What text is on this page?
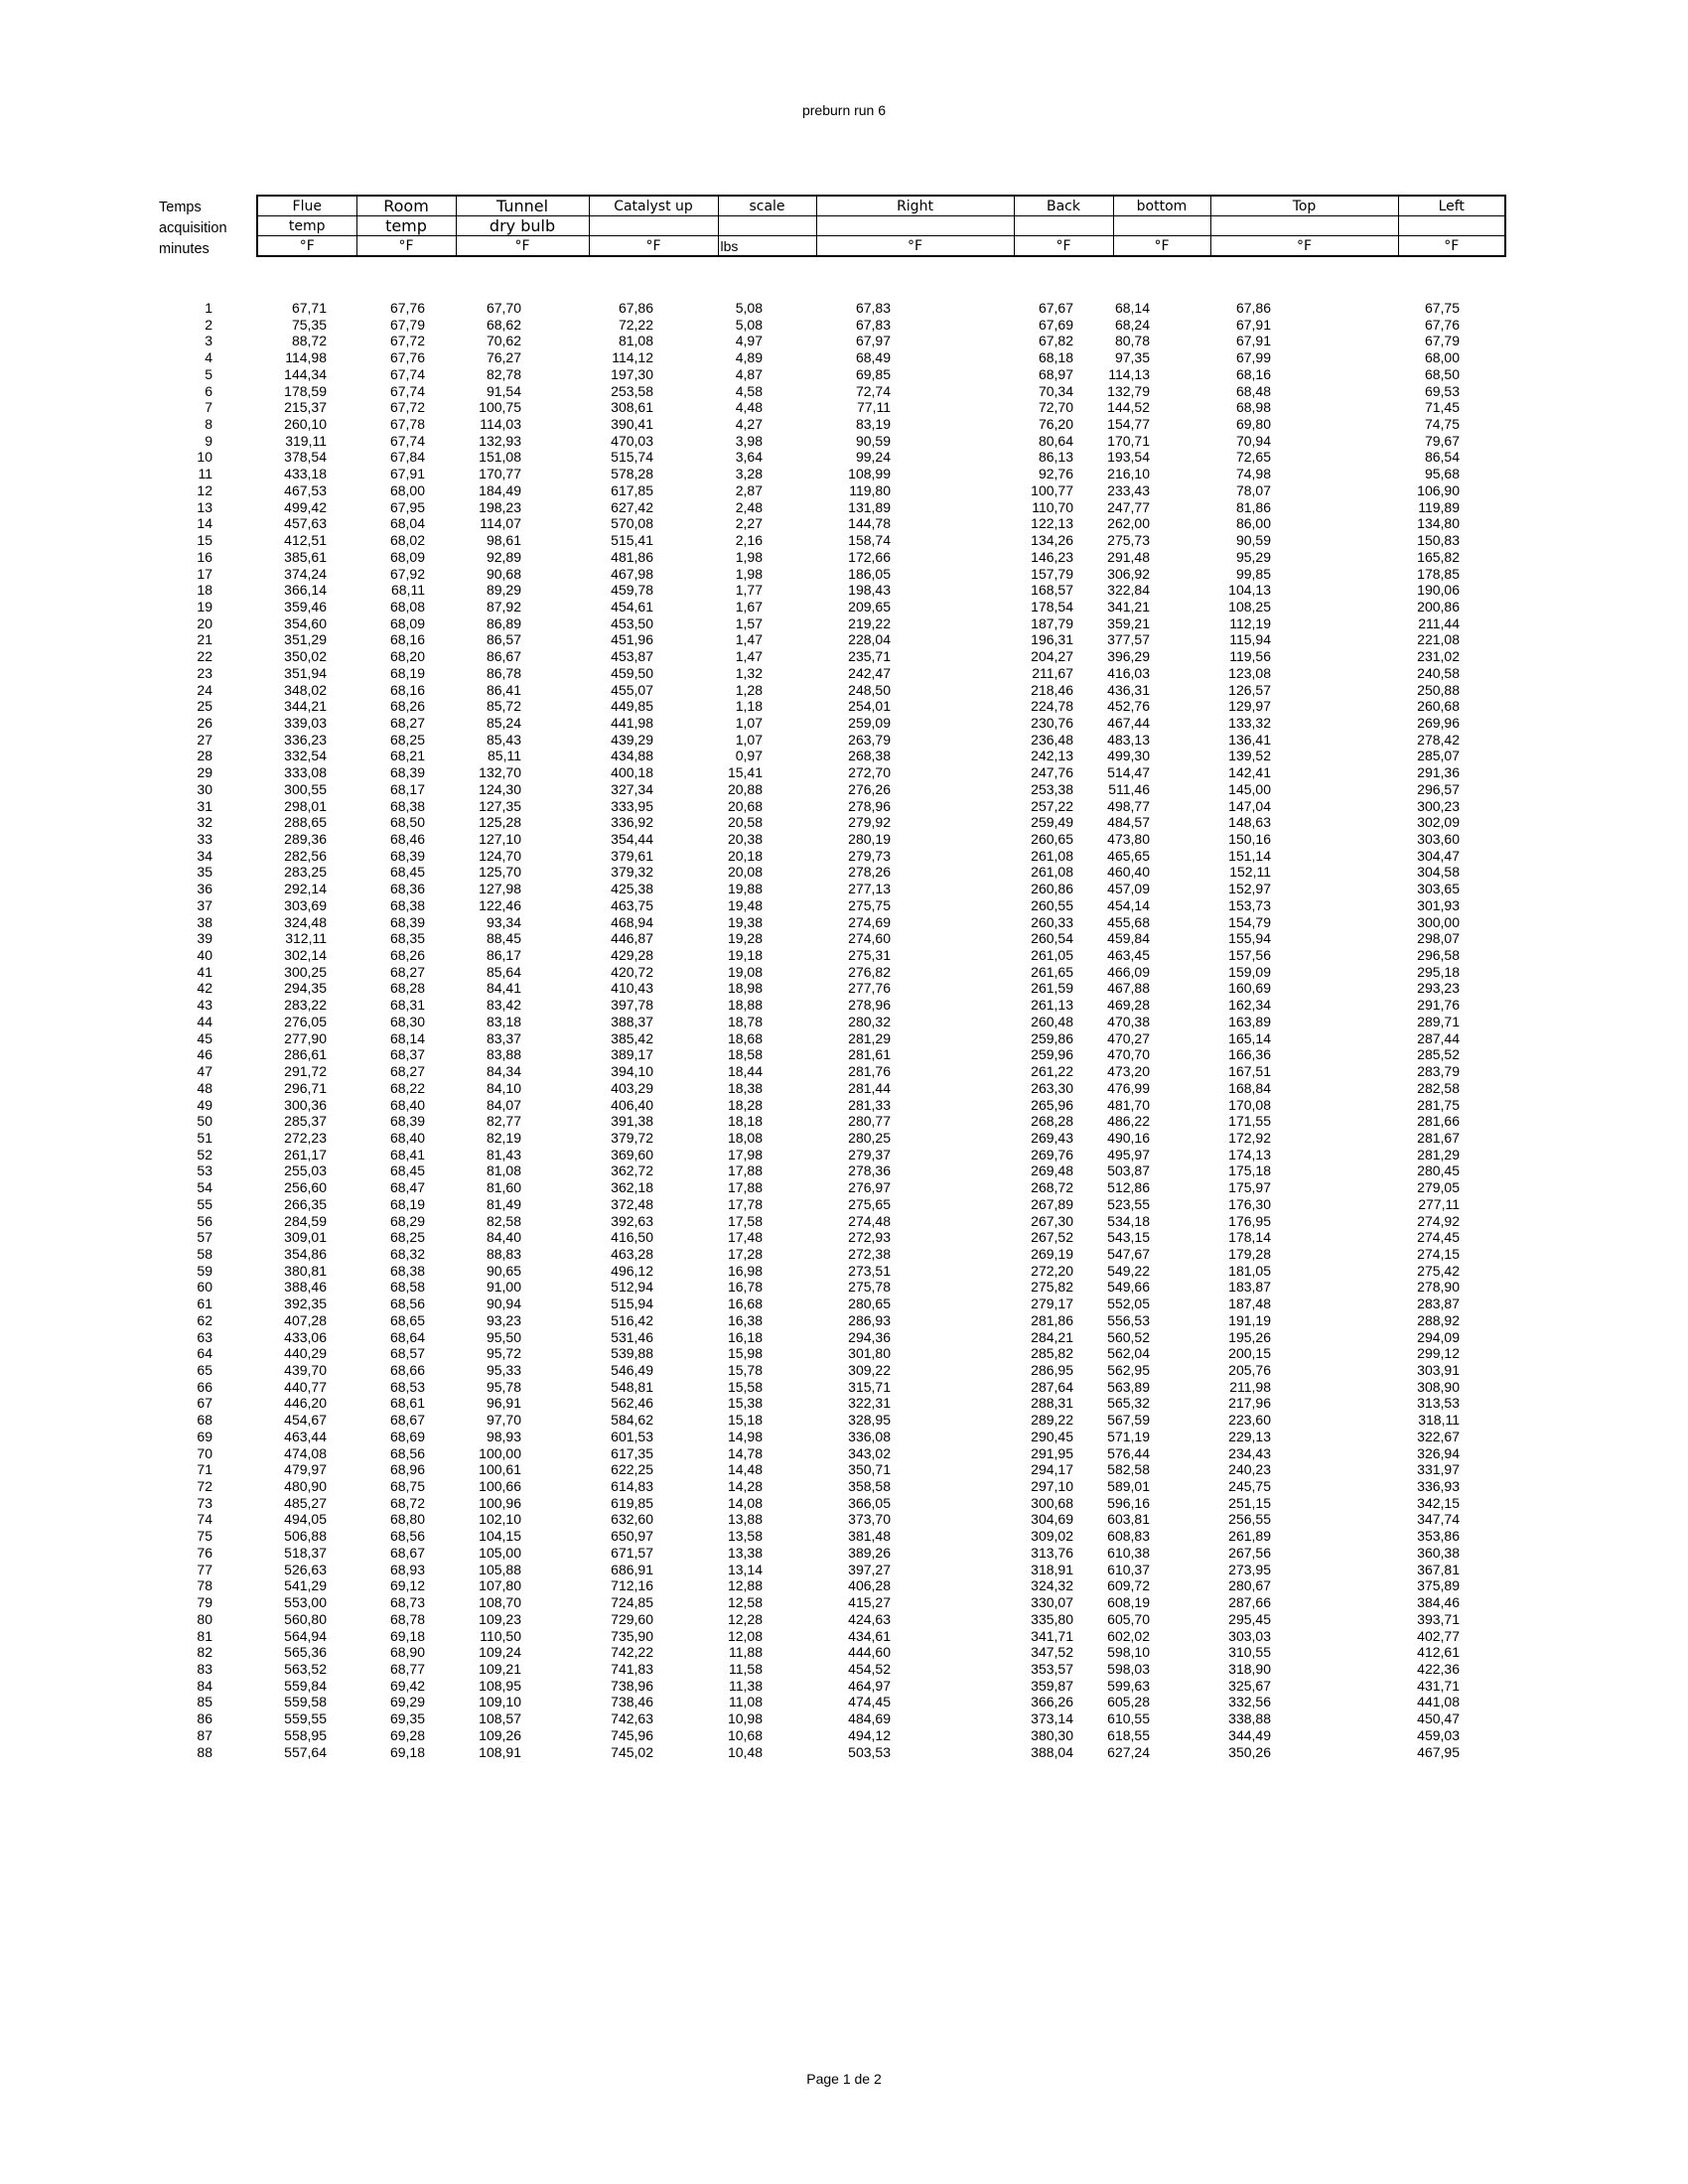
preburn run 6
Temps
acquisition
minutes
Flue	Room	Tunnel	Catalyst up	scale	Right	Back	bottom	Top	Left
temp	temp	dry bulb							
°F	°F	°F	°F	lbs	°F	°F	°F	°F	°F
1	67,71	67,76	67,70	67,86	5,08	67,83	67,67	68,14	67,86	67,75
2	75,35	67,79	68,62	72,22	5,08	67,83	67,69	68,24	67,91	67,76
3	88,72	67,72	70,62	81,08	4,97	67,97	67,82	80,78	67,91	67,79
4	114,98	67,76	76,27	114,12	4,89	68,49	68,18	97,35	67,99	68,00
5	144,34	67,74	82,78	197,30	4,87	69,85	68,97	114,13	68,16	68,50
6	178,59	67,74	91,54	253,58	4,58	72,74	70,34 132,79	68,48	69,53
7	215,37	67,72	100,75	308,61	4,48	77,11	72,70 144,52	68,98	71,45
8	260,10	67,78	114,03	390,41	4,27	83,19	76,20 154,77	69,80	74,75
9	319,11	67,74	132,93	470,03	3,98	90,59	80,64 170,71	70,94	79,67
10	378,54	67,84	151,08	515,74	3,64	99,24	86,13 193,54	72,65	86,54
11	433,18	67,91	170,77	578,28	3,28	108,99	92,76 216,10	74,98	95,68
12	467,53	68,00	184,49	617,85	2,87	119,80	100,77 233,43	78,07	106,90
13	499,42	67,95	198,23	627,42	2,48	131,89	110,70 247,77	81,86	119,89
14	457,63	68,04	114,07	570,08	2,27	144,78	122,13 262,00	86,00	134,80
15	412,51	68,02	98,61	515,41	2,16	158,74	134,26 275,73	90,59	150,83
16	385,61	68,09	92,89	481,86	1,98	172,66	146,23 291,48	95,29	165,82
17	374,24	67,92	90,68	467,98	1,98	186,05	157,79 306,92	99,85	178,85
18	366,14	68,11	89,29	459,78	1,77	198,43	168,57 322,84	104,13	190,06
19	359,46	68,08	87,92	454,61	1,67	209,65	178,54 341,21	108,25	200,86
20	354,60	68,09	86,89	453,50	1,57	219,22	187,79 359,21	112,19	211,44
21	351,29	68,16	86,57	451,96	1,47	228,04	196,31 377,57	115,94	221,08
22	350,02	68,20	86,67	453,87	1,47	235,71	204,27 396,29	119,56	231,02
23	351,94	68,19	86,78	459,50	1,32	242,47	211,67 416,03	123,08	240,58
24	348,02	68,16	86,41	455,07	1,28	248,50	218,46 436,31	126,57	250,88
25	344,21	68,26	85,72	449,85	1,18	254,01	224,78 452,76	129,97	260,68
26	339,03	68,27	85,24	441,98	1,07	259,09	230,76 467,44	133,32	269,96
27	336,23	68,25	85,43	439,29	1,07	263,79	236,48 483,13	136,41	278,42
28	332,54	68,21	85,11	434,88	0,97	268,38	242,13 499,30	139,52	285,07
29	333,08	68,39	132,70	400,18	15,41	272,70	247,76 514,47	142,41	291,36
30	300,55	68,17	124,30	327,34	20,88	276,26	253,38	511,46	145,00	296,57
31	298,01	68,38	127,35	333,95	20,68	278,96	257,22 498,77	147,04	300,23
32	288,65	68,50	125,28	336,92	20,58	279,92	259,49 484,57	148,63	302,09
33	289,36	68,46	127,10	354,44	20,38	280,19	260,65 473,80	150,16	303,60
34	282,56	68,39	124,70	379,61	20,18	279,73	261,08 465,65	151,14	304,47
35	283,25	68,45	125,70	379,32	20,08	278,26	261,08 460,40	152,11	304,58
36	292,14	68,36	127,98	425,38	19,88	277,13	260,86 457,09	152,97	303,65
37	303,69	68,38	122,46	463,75	19,48	275,75	260,55 454,14	153,73	301,93
38	324,48	68,39	93,34	468,94	19,38	274,69	260,33 455,68	154,79	300,00
39	312,11	68,35	88,45	446,87	19,28	274,60	260,54 459,84	155,94	298,07
40	302,14	68,26	86,17	429,28	19,18	275,31	261,05 463,45	157,56	296,58
41	300,25	68,27	85,64	420,72	19,08	276,82	261,65 466,09	159,09	295,18
42	294,35	68,28	84,41	410,43	18,98	277,76	261,59 467,88	160,69	293,23
43	283,22	68,31	83,42	397,78	18,88	278,96	261,13 469,28	162,34	291,76
44	276,05	68,30	83,18	388,37	18,78	280,32	260,48 470,38	163,89	289,71
45	277,90	68,14	83,37	385,42	18,68	281,29	259,86 470,27	165,14	287,44
46	286,61	68,37	83,88	389,17	18,58	281,61	259,96 470,70	166,36	285,52
47	291,72	68,27	84,34	394,10	18,44	281,76	261,22 473,20	167,51	283,79
48	296,71	68,22	84,10	403,29	18,38	281,44	263,30 476,99	168,84	282,58
49	300,36	68,40	84,07	406,40	18,28	281,33	265,96 481,70	170,08	281,75
50	285,37	68,39	82,77	391,38	18,18	280,77	268,28 486,22	171,55	281,66
51	272,23	68,40	82,19	379,72	18,08	280,25	269,43 490,16	172,92	281,67
52	261,17	68,41	81,43	369,60	17,98	279,37	269,76 495,97	174,13	281,29
53	255,03	68,45	81,08	362,72	17,88	278,36	269,48 503,87	175,18	280,45
54	256,60	68,47	81,60	362,18	17,88	276,97	268,72 512,86	175,97	279,05
55	266,35	68,19	81,49	372,48	17,78	275,65	267,89 523,55	176,30	277,11
56	284,59	68,29	82,58	392,63	17,58	274,48	267,30 534,18	176,95	274,92
57	309,01	68,25	84,40	416,50	17,48	272,93	267,52 543,15	178,14	274,45
58	354,86	68,32	88,83	463,28	17,28	272,38	269,19 547,67	179,28	274,15
59	380,81	68,38	90,65	496,12	16,98	273,51	272,20 549,22	181,05	275,42
60	388,46	68,58	91,00	512,94	16,78	275,78	275,82 549,66	183,87	278,90
61	392,35	68,56	90,94	515,94	16,68	280,65	279,17 552,05	187,48	283,87
62	407,28	68,65	93,23	516,42	16,38	286,93	281,86 556,53	191,19	288,92
63	433,06	68,64	95,50	531,46	16,18	294,36	284,21 560,52	195,26	294,09
64	440,29	68,57	95,72	539,88	15,98	301,80	285,82 562,04	200,15	299,12
65	439,70	68,66	95,33	546,49	15,78	309,22	286,95 562,95	205,76	303,91
66	440,77	68,53	95,78	548,81	15,58	315,71	287,64 563,89	211,98	308,90
67	446,20	68,61	96,91	562,46	15,38	322,31	288,31 565,32	217,96	313,53
68	454,67	68,67	97,70	584,62	15,18	328,95	289,22 567,59	223,60	318,11
69	463,44	68,69	98,93	601,53	14,98	336,08	290,45 571,19	229,13	322,67
70	474,08	68,56	100,00	617,35	14,78	343,02	291,95 576,44	234,43	326,94
71	479,97	68,96	100,61	622,25	14,48	350,71	294,17 582,58	240,23	331,97
72	480,90	68,75	100,66	614,83	14,28	358,58	297,10 589,01	245,75	336,93
73	485,27	68,72	100,96	619,85	14,08	366,05	300,68 596,16	251,15	342,15
74	494,05	68,80	102,10	632,60	13,88	373,70	304,69 603,81	256,55	347,74
75	506,88	68,56	104,15	650,97	13,58	381,48	309,02 608,83	261,89	353,86
76	518,37	68,67	105,00	671,57	13,38	389,26	313,76 610,38	267,56	360,38
77	526,63	68,93	105,88	686,91	13,14	397,27	318,91 610,37	273,95	367,81
78	541,29	69,12	107,80	712,16	12,88	406,28	324,32 609,72	280,67	375,89
79	553,00	68,73	108,70	724,85	12,58	415,27	330,07 608,19	287,66	384,46
80	560,80	68,78	109,23	729,60	12,28	424,63	335,80 605,70	295,45	393,71
81	564,94	69,18	110,50	735,90	12,08	434,61	341,71 602,02	303,03	402,77
82	565,36	68,90	109,24	742,22	11,88	444,60	347,52 598,10	310,55	412,61
83	563,52	68,77	109,21	741,83	11,58	454,52	353,57 598,03	318,90	422,36
84	559,84	69,42	108,95	738,96	11,38	464,97	359,87 599,63	325,67	431,71
85	559,58	69,29	109,10	738,46	11,08	474,45	366,26 605,28	332,56	441,08
86	559,55	69,35	108,57	742,63	10,98	484,69	373,14 610,55	338,88	450,47
87	558,95	69,28	109,26	745,96	10,68	494,12	380,30 618,55	344,49	459,03
88	557,64	69,18	108,91	745,02	10,48	503,53	388,04 627,24	350,26	467,95
Page 1 de 2
